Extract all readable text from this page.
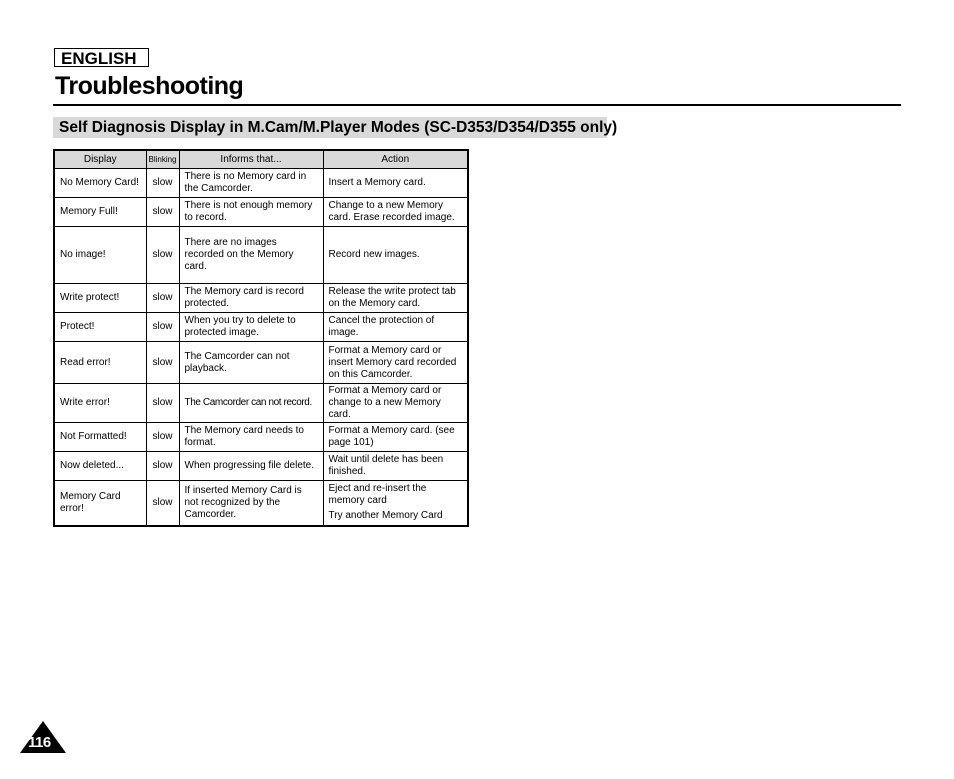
ENGLISH
Troubleshooting
Self Diagnosis Display in M.Cam/M.Player Modes (SC-D353/D354/D355 only)
Display	Blinking	Informs that...	Action
No Memory Card!	slow	There is no Memory card in the Camcorder.	Insert a Memory card.
Memory Full!	slow	There is not enough memory to record.	Change to a new Memory card. Erase recorded image.
No image!	slow	There are no images recorded on the Memory card.	Record new images.
Write protect!	slow	The Memory card is record protected.	Release the write protect tab on the Memory card.
Protect!	slow	When you try to delete to protected image.	Cancel the protection of image.
Read error!	slow	The Camcorder can not playback.	Format a Memory card or insert Memory card recorded on this Camcorder.
Write error!	slow	The Camcorder can not record.	Format a Memory card or change to a new Memory card.
Not Formatted!	slow	The Memory card needs to format.	Format a Memory card. (see page 101)
Now deleted...	slow	When progressing file delete.	Wait until delete has been finished.
Memory Card error!	slow	If inserted Memory Card is not recognized by the Camcorder.	Eject and re-insert the memory card
Try another Memory Card
116
